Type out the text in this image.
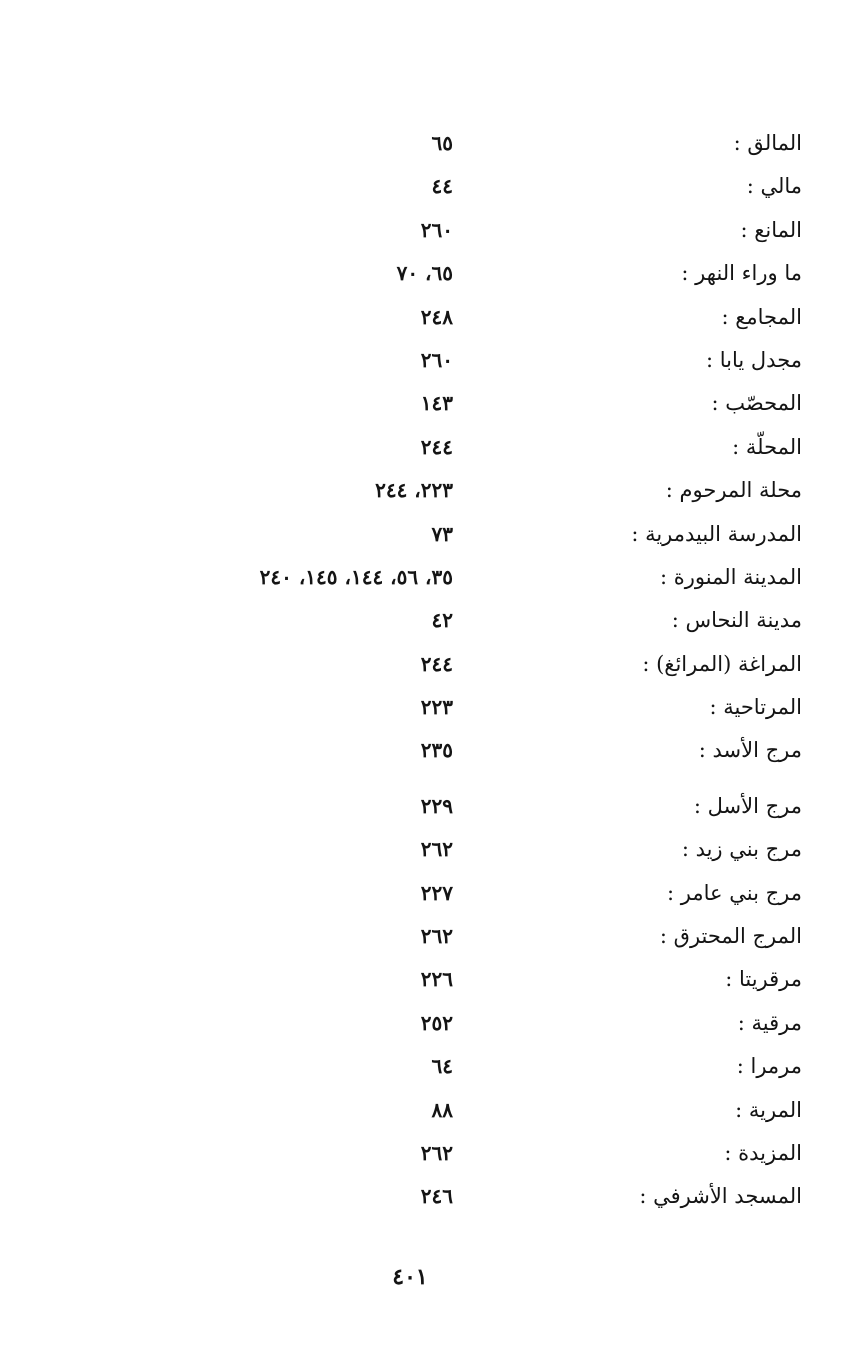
المالق :
٦٥
مالي :
٤٤
المانع :
٢٦٠
ما وراء النهر :
٦٥، ٧٠
المجامع :
٢٤٨
مجدل يابا :
٢٦٠
المحصّب :
١٤٣
المحلّة :
٢٤٤
محلة المرحوم :
٢٢٣، ٢٤٤
المدرسة البيدمرية :
٧٣
المدينة المنورة :
٣٥، ٥٦، ١٤٤، ١٤٥، ٢٤٠
مدينة النحاس :
٤٢
المراغة (المرائغ) :
٢٤٤
المرتاحية :
٢٢٣
مرج الأسد :
٢٣٥
مرج الأسل :
٢٢٩
مرج بني زيد :
٢٦٢
مرج بني عامر :
٢٢٧
المرج المحترق :
٢٦٢
مرقريتا :
٢٢٦
مرقية :
٢٥٢
مرمرا :
٦٤
المرية :
٨٨
المزيدة :
٢٦٢
المسجد الأشرفي :
٢٤٦
٤٠١
